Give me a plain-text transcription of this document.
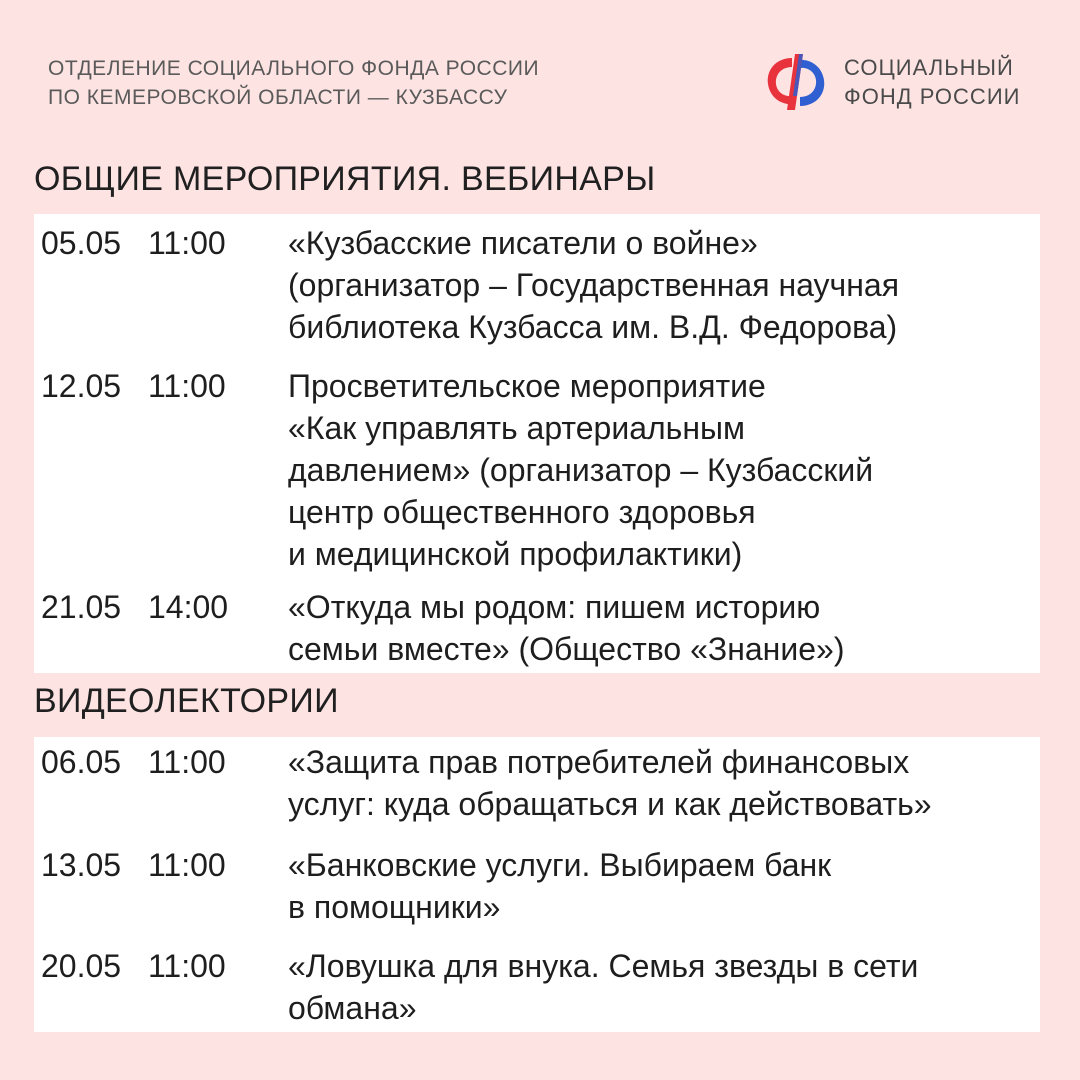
ОТДЕЛЕНИЕ СОЦИАЛЬНОГО ФОНДА РОССИИ
ПО КЕМЕРОВСКОЙ ОБЛАСТИ — КУЗБАССУ
СОЦИАЛЬНЫЙ
ФОНД РОССИИ
ОБЩИЕ МЕРОПРИЯТИЯ. ВЕБИНАРЫ
05.05 11:00 «Кузбасские писатели о войне»
(организатор – Государственная научная
библиотека Кузбасса им. В.Д. Федорова)
12.05 11:00 Просветительское мероприятие
«Как управлять артериальным
давлением» (организатор – Кузбасский
центр общественного здоровья
и медицинской профилактики)
21.05 14:00 «Откуда мы родом: пишем историю
семьи вместе» (Общество «Знание»)
ВИДЕОЛЕКТОРИИ
06.05 11:00 «Защита прав потребителей финансовых
услуг: куда обращаться и как действовать»
13.05 11:00 «Банковские услуги. Выбираем банк
в помощники»
20.05 11:00 «Ловушка для внука. Семья звезды в сети
обмана»
